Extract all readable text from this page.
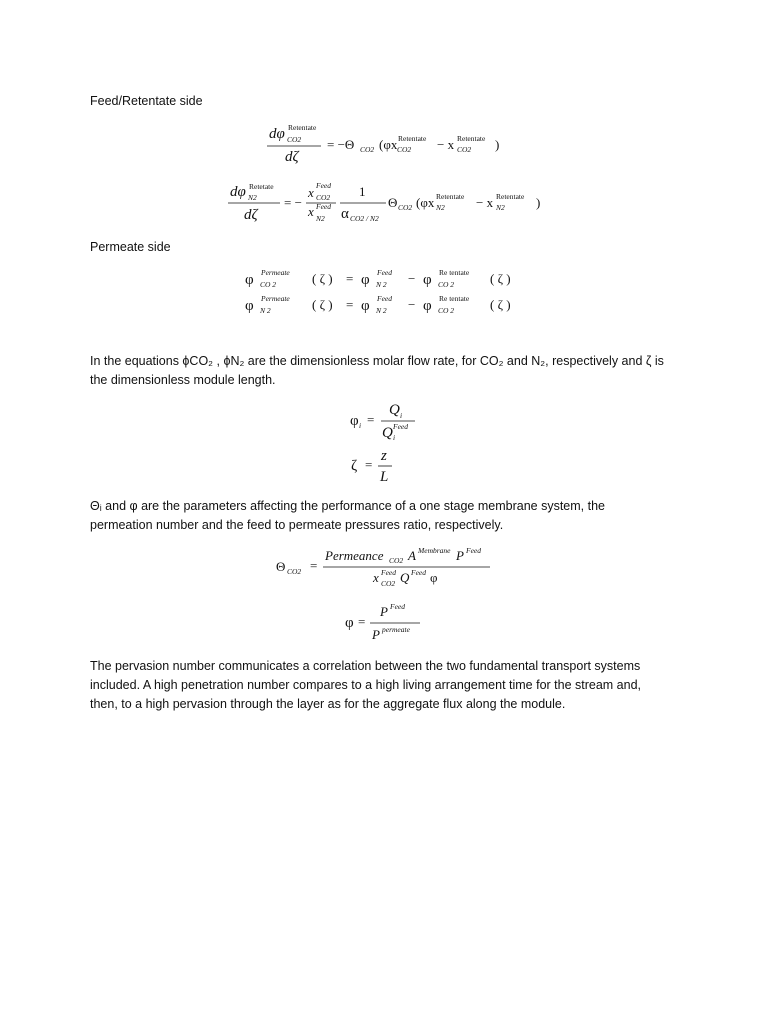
Feed/Retentate side
dφ Retentate
CO2
dζ
= −Θ CO2 (φx Retentate
CO2 − x Retentate
CO2 )
dφ Retetate
N2
dζ
= −
x Feed
CO2
x Feed
N2
1
α CO2 / N2
Θ CO2 (φx Retentate
N2 − x Retentate
N2 )
Permeate side
φ Permeate
CO 2	( ζ ) = φ Feed
N 2 − φ Re tentate
CO 2	( ζ )
φ Permeate
N 2	( ζ ) = φ Feed
N 2 − φ Re tentate
CO 2	( ζ )
In the equations ϕCO₂ , ϕN₂ are the dimensionless molar flow rate, for CO₂ and N₂, respectively and ζ is
the dimensionless module length.
φ i =
Q i
Q Feed
i
ζ =
z
L
Θᵢ and φ are the parameters affecting the performance of a one stage membrane system, the
permeation number and the feed to permeate pressures ratio, respectively.
Θ CO2 =
Permeance CO2 A Membrane P Feed
x Feed
CO2 Q Feed φ
φ =
P Feed
P permeate
The pervasion number communicates a correlation between the two fundamental transport systems
included. A high penetration number compares to a high living arrangement time for the stream and,
then, to a high pervasion through the layer as for the aggregate flux along the module.
